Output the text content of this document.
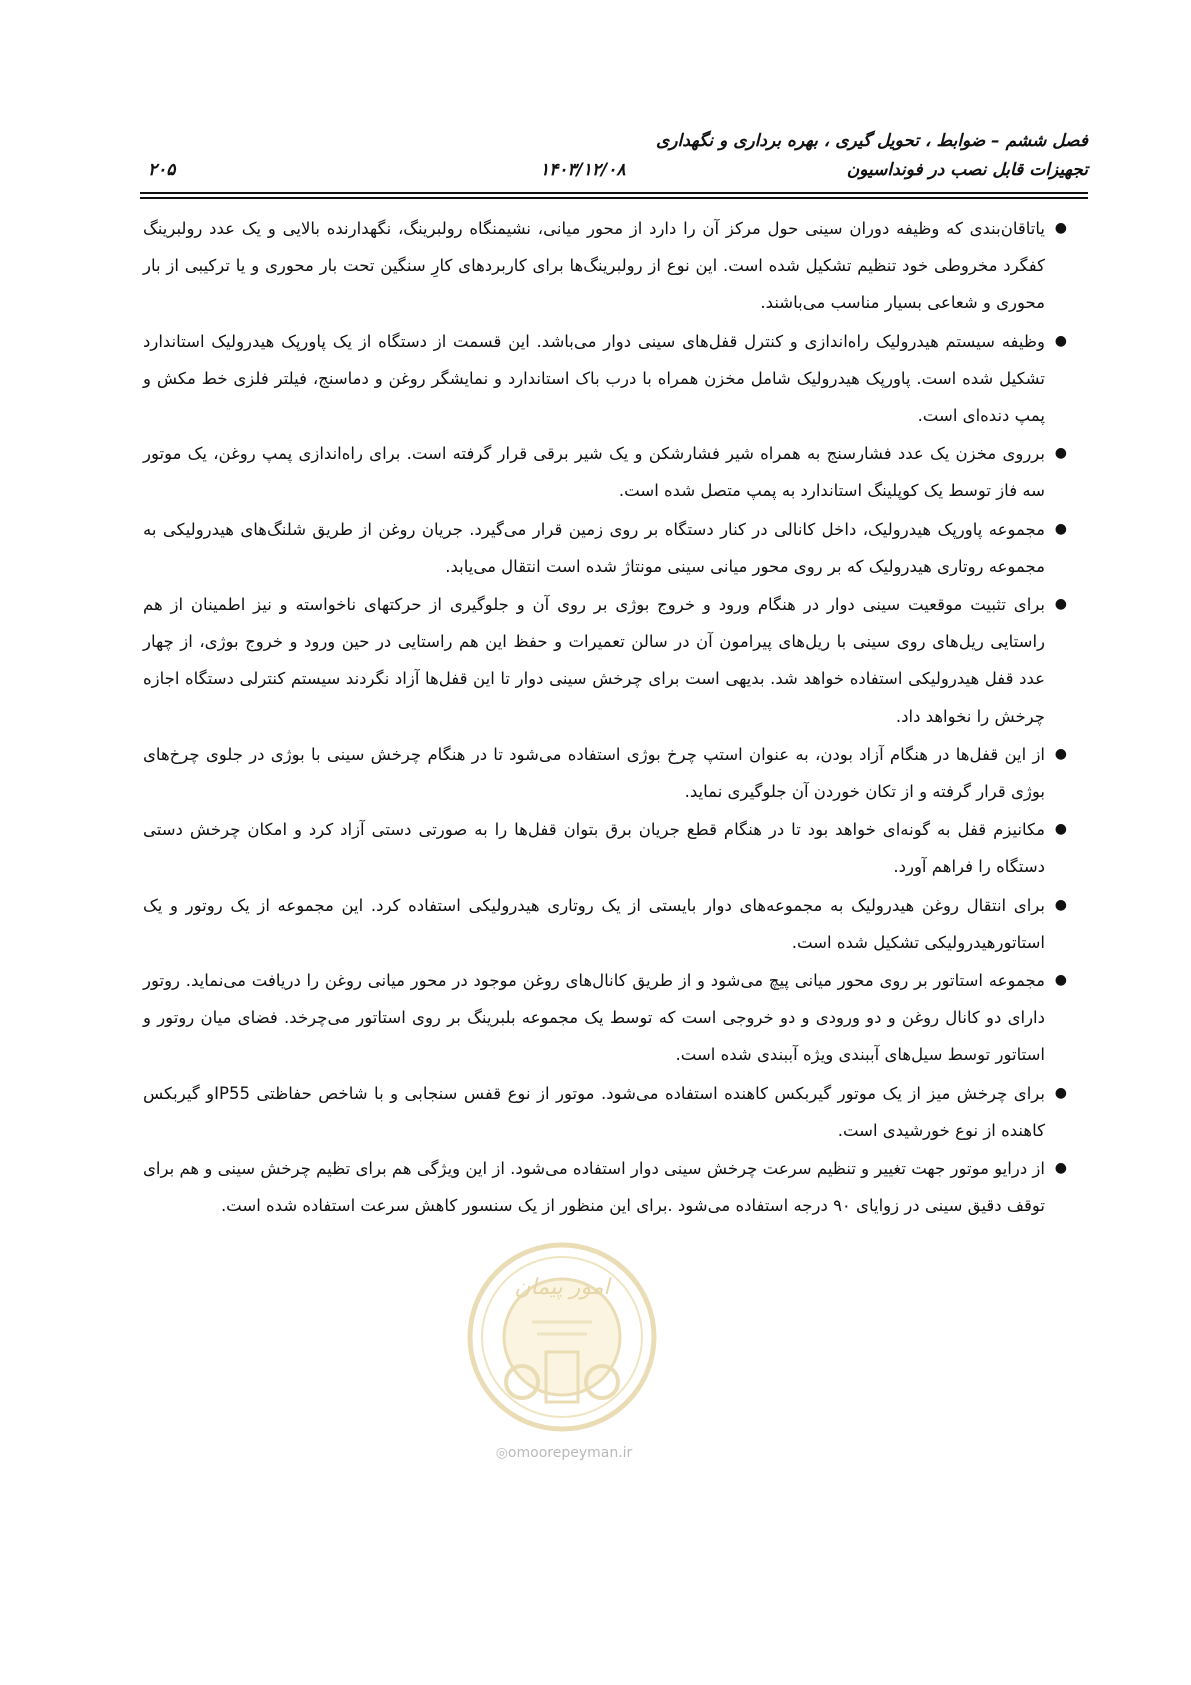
فصل ششم – ضوابط ، تحویل گیری ، بهره برداری و نگهداری

تجهیزات قابل نصب در فونداسیون
۱۴۰۳/۱۲/۰۸
۲۰۵
●
یاتاقان‌بندی که وظیفه دوران سینی حول مرکز آن را دارد از محور میانی، نشیمنگاه رولبرینگ، نگهدارنده بالایی و یک عدد رولبرینگ کفگرد مخروطی خود تنظیم تشکیل شده است. این نوع از رولبرینگ‌ها برای کاربردهای کارِ سنگین تحت بار محوری و یا ترکیبی از بار محوری و شعاعی بسیار مناسب می‌باشند.
●
وظیفه سیستم هیدرولیک راه‌اندازی و کنترل قفل‌های سینی دوار می‌باشد. این قسمت از دستگاه از یک پاورپک هیدرولیک استاندارد تشکیل شده است. پاورپک هیدرولیک شامل مخزن همراه با درب باک استاندارد و نمایشگر روغن و دماسنج، فیلتر فلزی خط مکش و پمپ دنده‌ای است.
●
برروی مخزن یک عدد فشارسنج به همراه شیر فشارشکن و یک شیر برقی قرار گرفته است. برای راه‌اندازی پمپ روغن، یک موتور سه فاز توسط یک کوپلینگ استاندارد به پمپ متصل شده است.
●
مجموعه پاورپک هیدرولیک، داخل کانالی در کنار دستگاه بر روی زمین قرار می‌گیرد. جریان روغن از طریق شلنگ‌های هیدرولیکی به مجموعه روتاری هیدرولیک که بر روی محور میانی سینی مونتاژ شده است انتقال می‌یابد.
●
برای تثبیت موقعیت سینی دوار در هنگام ورود و خروج بوژی بر روی آن و جلوگیری از حرکتهای ناخواسته و نیز اطمینان از هم راستایی ریل‌های روی سینی با ریل‌های پیرامون آن در سالن تعمیرات و حفظ این هم راستایی در حین ورود و خروج بوژی، از چهار عدد قفل هیدرولیکی استفاده خواهد شد. بدیهی است برای چرخش سینی دوار تا این قفل‌ها آزاد نگردند سیستم کنترلی دستگاه اجازه چرخش را نخواهد داد.
●
از این قفل‌ها در هنگام آزاد بودن، به عنوان استپ چرخ بوژی استفاده می‌شود تا در هنگام چرخش سینی با بوژی در جلوی چرخ‌های بوژی قرار گرفته و از تکان خوردن آن جلوگیری نماید.
●
مکانیزم قفل به گونه‌ای خواهد بود تا در هنگام قطع جریان برق بتوان قفل‌ها را به صورتی دستی آزاد کرد و امکان چرخش دستی دستگاه را فراهم آورد.
●
برای انتقال روغن هیدرولیک به مجموعه‌های دوار بایستی از یک روتاری هیدرولیکی استفاده کرد. این مجموعه از یک روتور و یک استاتورهیدرولیکی تشکیل شده است.
●
مجموعه استاتور بر روی محور میانی پیچ می‌شود و از طریق کانال‌های روغن موجود در محور میانی روغن را دریافت می‌نماید. روتور دارای دو کانال روغن و دو ورودی و دو خروجی است که توسط یک مجموعه بلبرینگ بر روی استاتور می‌چرخد. فضای میان روتور و استاتور توسط سیل‌های آببندی ویژه آببندی شده است.
●
برای چرخش میز از یک موتور گیربکس کاهنده استفاده می‌شود. موتور از نوع قفس سنجابی و با شاخص حفاظتی IP55و گیربکس کاهنده از نوع خورشیدی است.
●
از درایو موتور جهت تغییر و تنظیم سرعت چرخش سینی دوار استفاده می‌شود. از این ویژگی هم برای تظیم چرخش سینی و هم برای توقف دقیق سینی در زوایای ۹۰ درجه استفاده می‌شود .برای این منظور از یک سنسور کاهش سرعت استفاده شده است.
امور پیمان
◎omoorepeyman.ir
